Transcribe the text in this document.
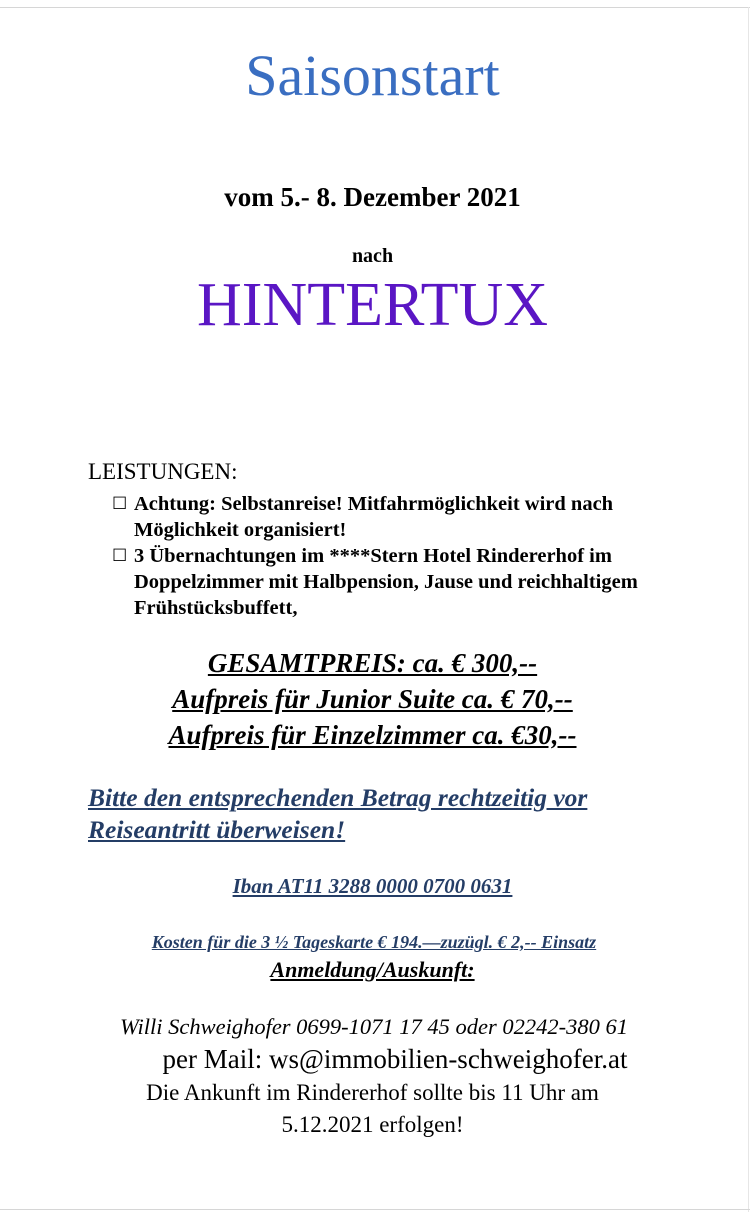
Saisonstart
vom 5.- 8. Dezember 2021
nach
HINTERTUX
LEISTUNGEN:
☐ Achtung: Selbstanreise! Mitfahrmöglichkeit wird nach Möglichkeit organisiert!
☐ 3 Übernachtungen im ****Stern Hotel Rindererhof im Doppelzimmer mit Halbpension, Jause und reichhaltigem Frühstücksbuffett,
GESAMTPREIS: ca. € 300,--
Aufpreis für Junior Suite ca. € 70,--
Aufpreis für Einzelzimmer ca. €30,--
Bitte den entsprechenden Betrag rechtzeitig vor Reiseantritt überweisen!
Iban AT11 3288 0000 0700 0631
Kosten für die 3 ½ Tageskarte € 194.—zuzügl. € 2,-- Einsatz
Anmeldung/Auskunft:
Willi Schweighofer 0699-1071 17 45 oder 02242-380 61
per Mail: ws@immobilien-schweighofer.at
Die Ankunft im Rindererhof sollte bis 11 Uhr am
5.12.2021 erfolgen!
